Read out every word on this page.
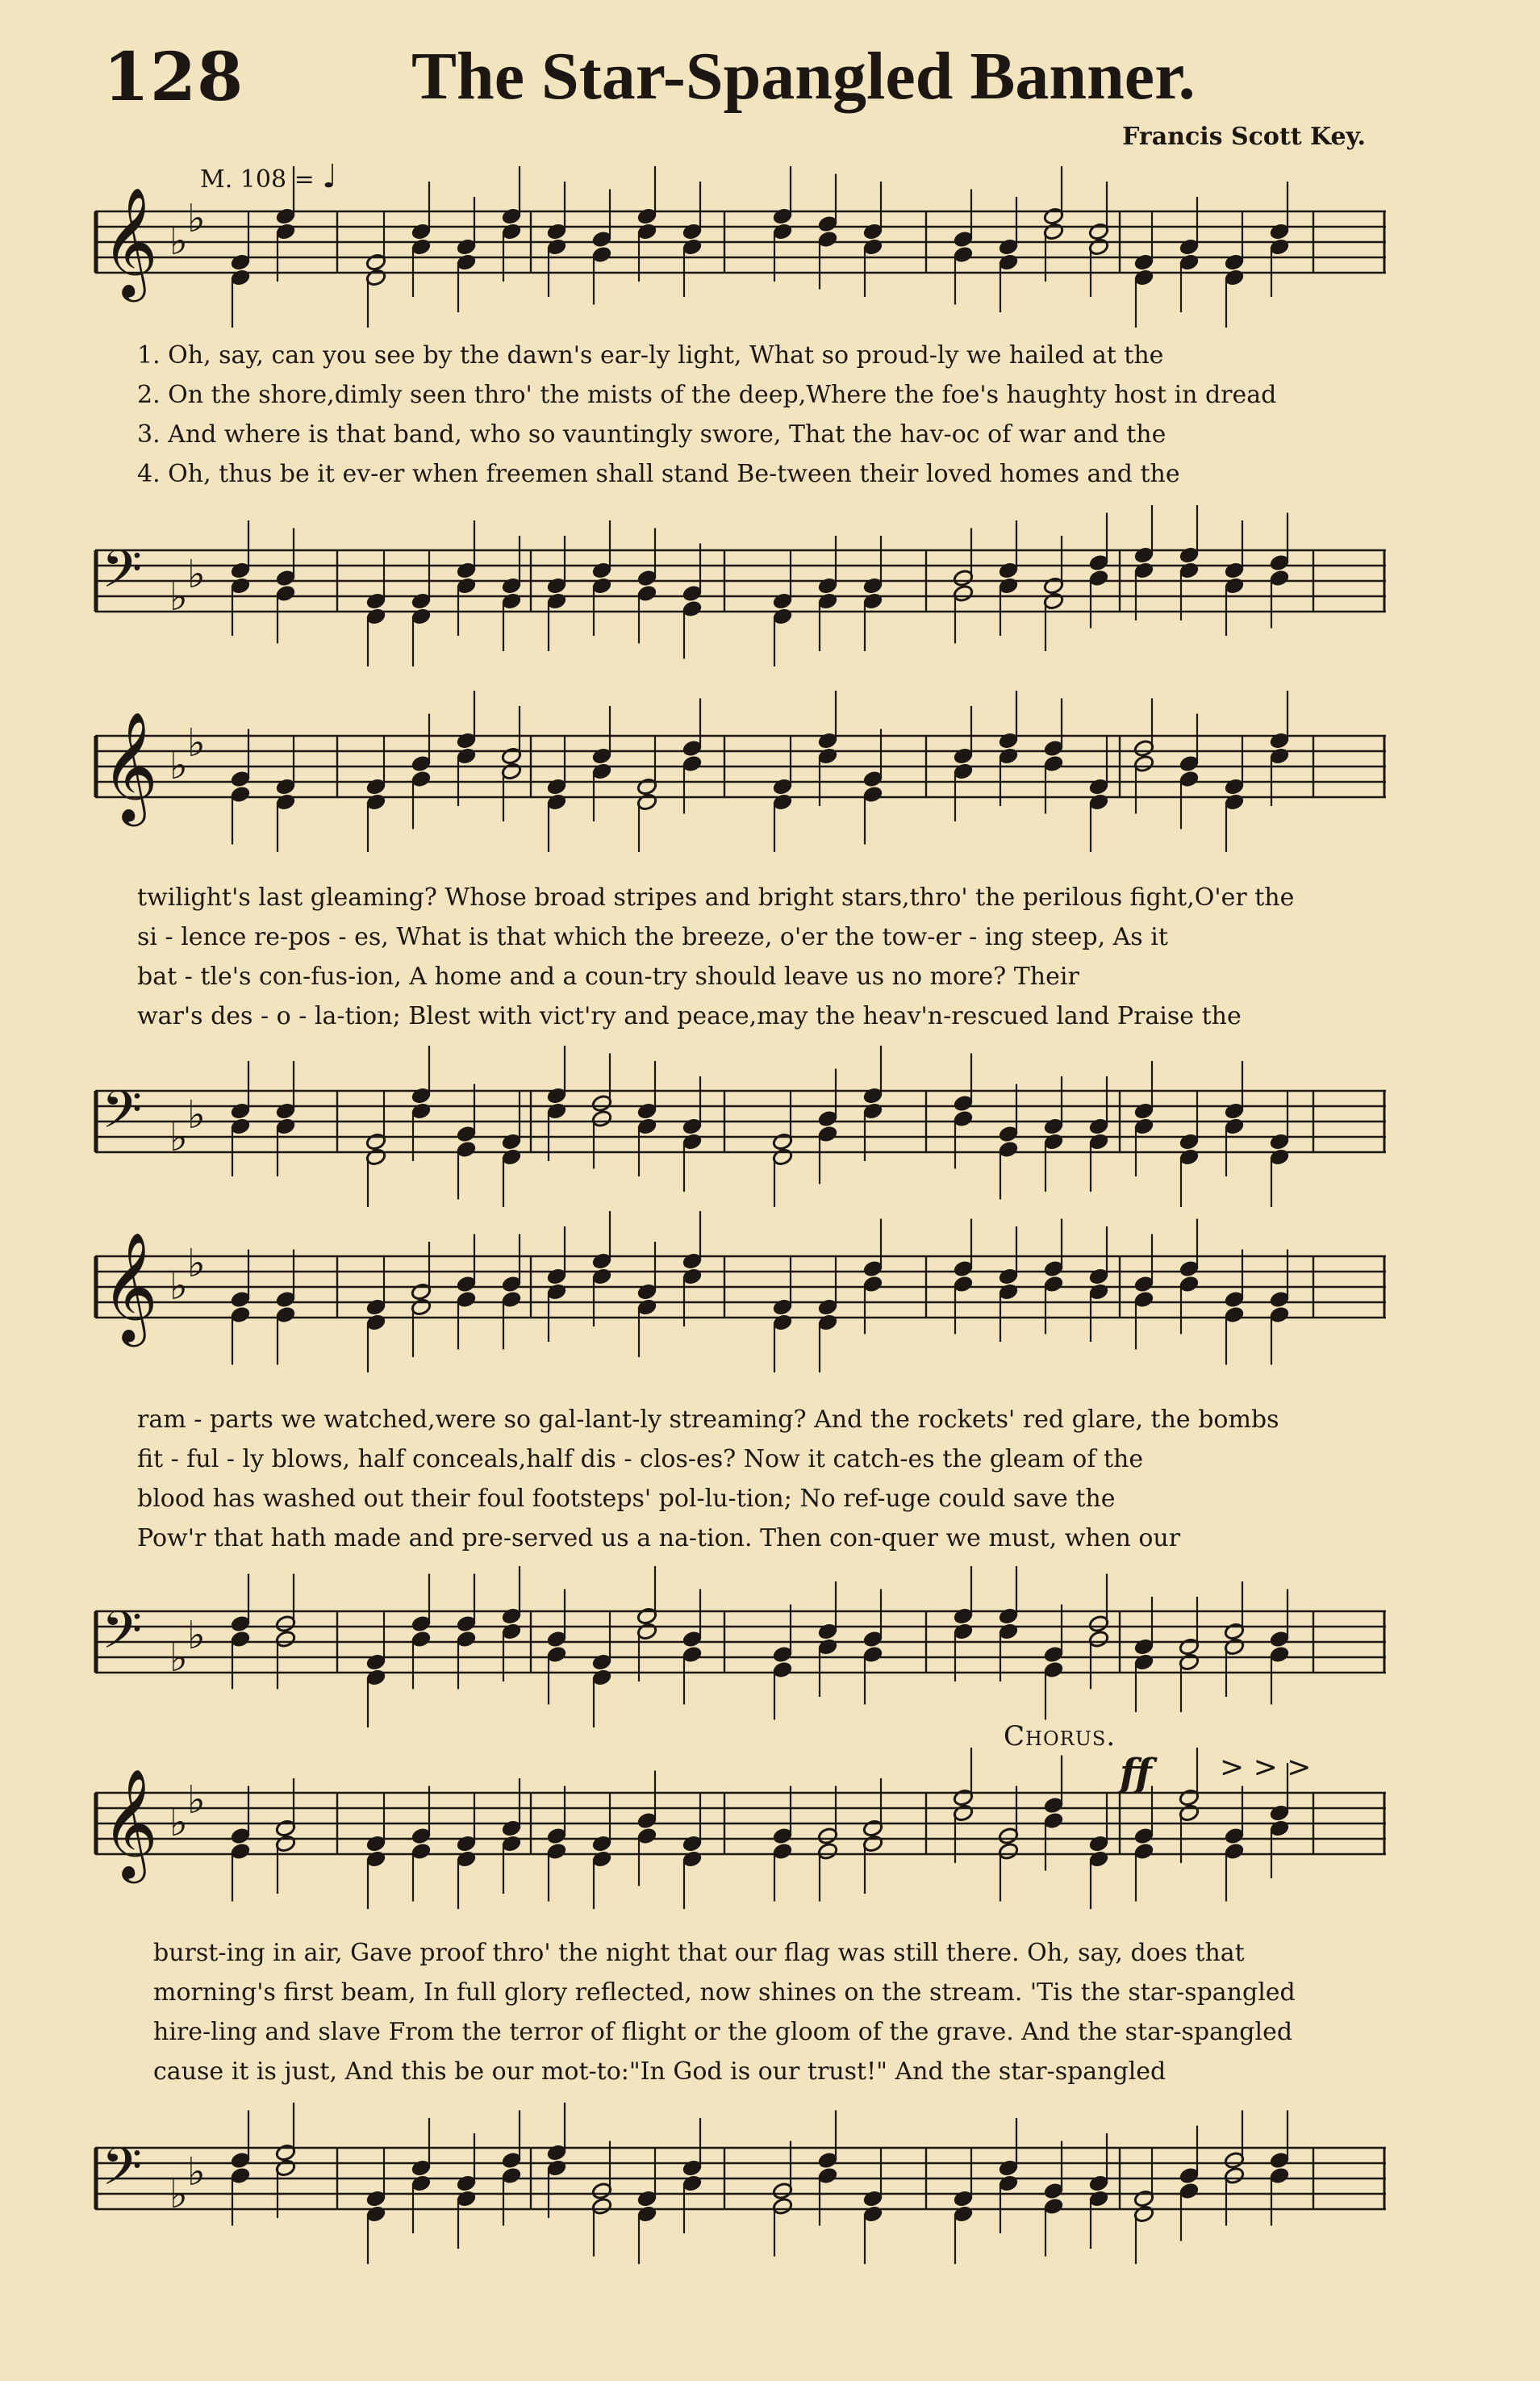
128 The Star-Spangled Banner.
Francis Scott Key.
M. 108 = ♩
𝄞 ♭ ♭
1. Oh, say, can you see by the dawn's ear-ly light, What so proud-ly we hailed at the
2. On the shore,dimly seen thro' the mists of the deep,Where the foe's haughty host in dread
3. And where is that band, who so vauntingly swore, That the hav-oc of war and the
4. Oh, thus be it ev-er when freemen shall stand Be-tween their loved homes and the
𝄢 ♭ ♭
𝄞 ♭ ♭
twilight's last gleaming? Whose broad stripes and bright stars,thro' the perilous fight,O'er the
si - lence re-pos - es, What is that which the breeze, o'er the tow-er - ing steep, As it
bat - tle's con-fus-ion, A home and a coun-try should leave us no more? Their
war's des - o - la-tion; Blest with vict'ry and peace,may the heav'n-rescued land Praise the
𝄢 ♭ ♭
𝄞 ♭ ♭
ram - parts we watched,were so gal-lant-ly streaming? And the rockets' red glare, the bombs
fit - ful - ly blows, half conceals,half dis - clos-es? Now it catch-es the gleam of the
blood has washed out their foul footsteps' pol-lu-tion; No ref-uge could save the
Pow'r that hath made and pre-served us a na-tion. Then con-quer we must, when our
𝄢 ♭ ♭
Chorus.
ff > > >
𝄞 ♭ ♭
burst-ing in air, Gave proof thro' the night that our flag was still there. Oh, say, does that
morning's first beam, In full glory reflected, now shines on the stream. 'Tis the star-spangled
hire-ling and slave From the terror of flight or the gloom of the grave. And the star-spangled
cause it is just, And this be our mot-to:"In God is our trust!" And the star-spangled
𝄢 ♭ ♭
